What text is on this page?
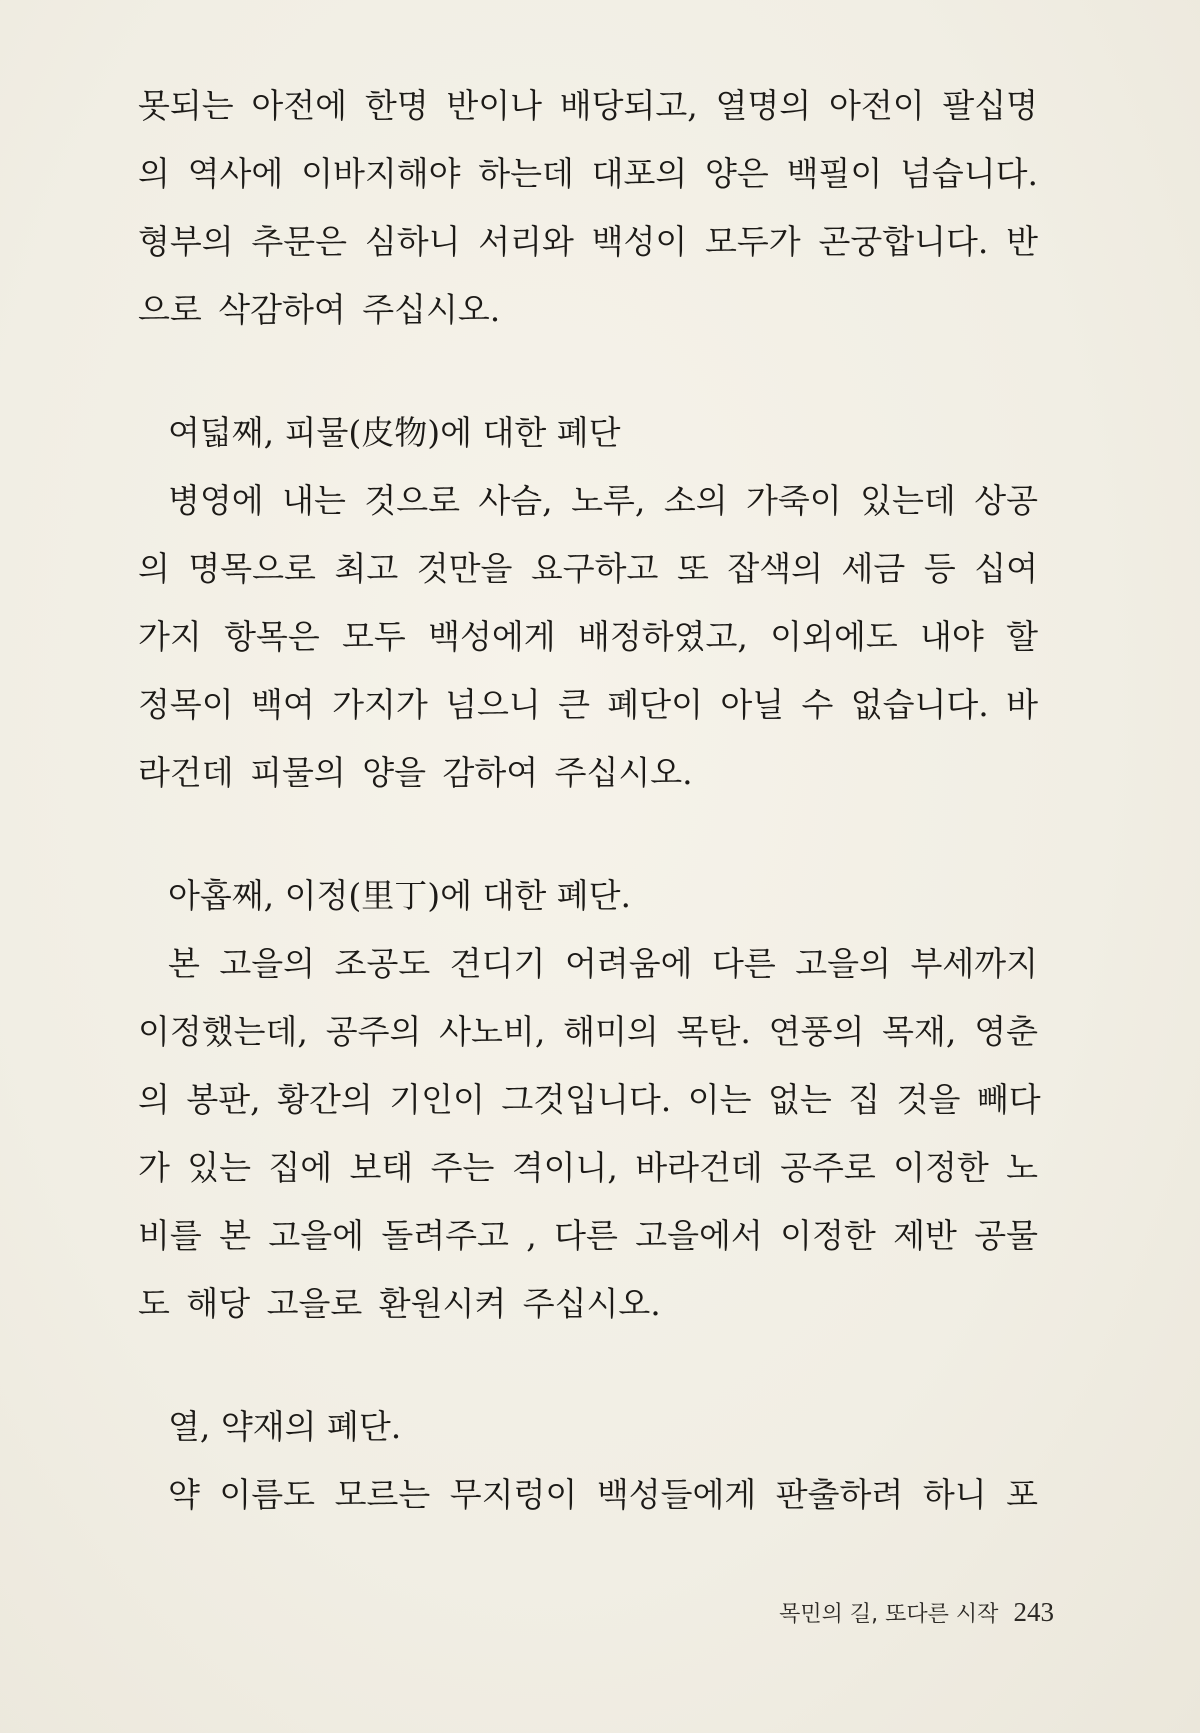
못되는 아전에 한명 반이나 배당되고, 열명의 아전이 팔십명
의 역사에 이바지해야 하는데 대포의 양은 백필이 넘습니다.
형부의 추문은 심하니 서리와 백성이 모두가 곤궁합니다. 반
으로 삭감하여 주십시오.
여덟째, 피물(皮物)에 대한 폐단
병영에 내는 것으로 사슴, 노루, 소의 가죽이 있는데 상공
의 명목으로 최고 것만을 요구하고 또 잡색의 세금 등 십여
가지 항목은 모두 백성에게 배정하였고, 이외에도 내야 할
정목이 백여 가지가 넘으니 큰 폐단이 아닐 수 없습니다. 바
라건데 피물의 양을 감하여 주십시오.
아홉째, 이정(里丁)에 대한 폐단.
본 고을의 조공도 견디기 어려움에 다른 고을의 부세까지
이정했는데, 공주의 사노비, 해미의 목탄. 연풍의 목재, 영춘
의 봉판, 황간의 기인이 그것입니다. 이는 없는 집 것을 빼다
가 있는 집에 보태 주는 격이니, 바라건데 공주로 이정한 노
비를 본 고을에 돌려주고 , 다른 고을에서 이정한 제반 공물
도 해당 고을로 환원시켜 주십시오.
열, 약재의 폐단.
약 이름도 모르는 무지렁이 백성들에게 판출하려 하니 포
목민의 길, 또다른 시작 243
